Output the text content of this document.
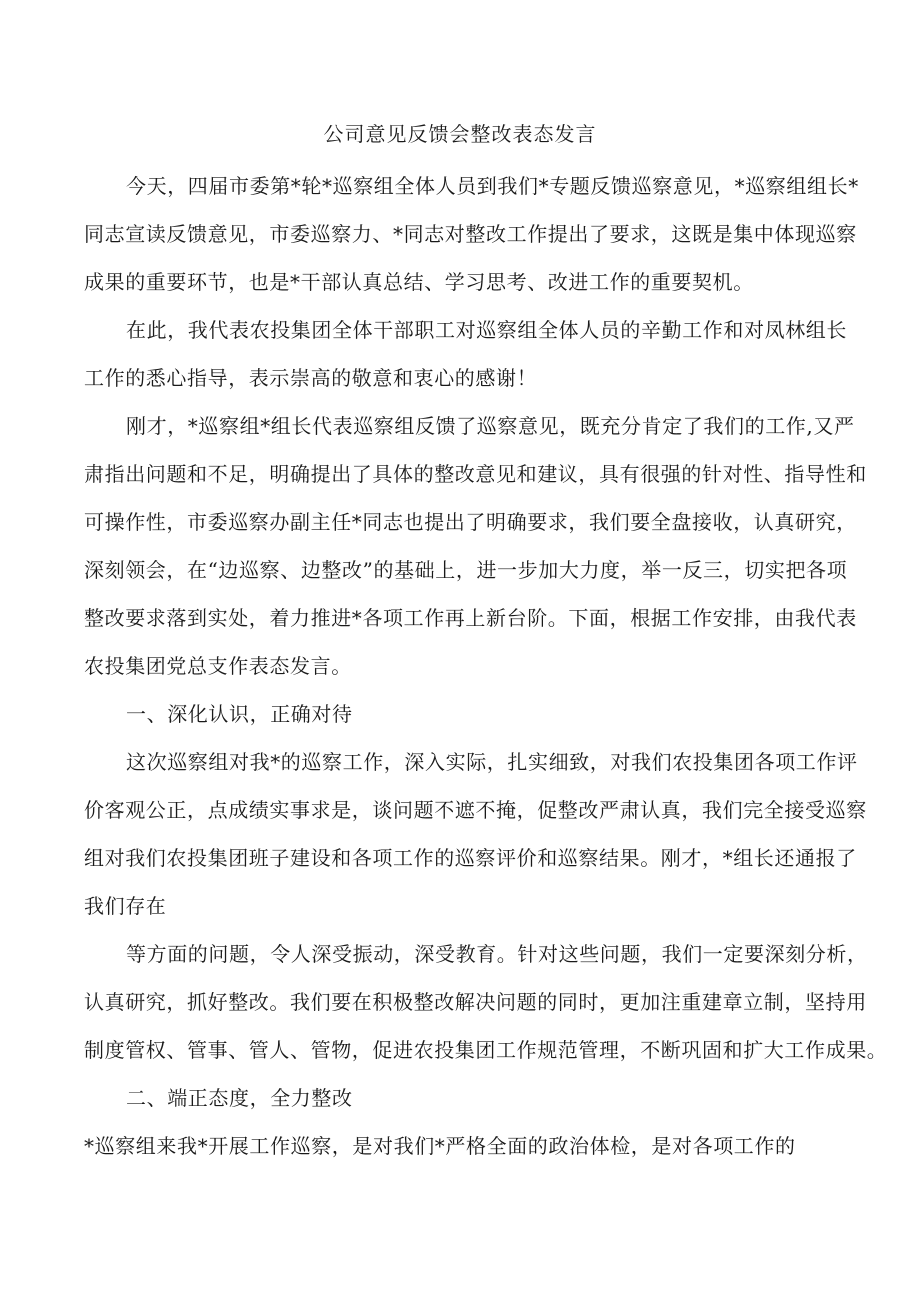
公司意见反馈会整改表态发言
今天，四届市委第*轮*巡察组全体人员到我们*专题反馈巡察意见，*巡察组组长*
同志宣读反馈意见，市委巡察力、*同志对整改工作提出了要求，这既是集中体现巡察
成果的重要环节，也是*干部认真总结、学习思考、改进工作的重要契机。
在此，我代表农投集团全体干部职工对巡察组全体人员的辛勤工作和对凤林组长
工作的悉心指导，表示崇高的敬意和衷心的感谢！
刚才，*巡察组*组长代表巡察组反馈了巡察意见，既充分肯定了我们的工作,又严
肃指出问题和不足，明确提出了具体的整改意见和建议，具有很强的针对性、指导性和
可操作性，市委巡察办副主任*同志也提出了明确要求，我们要全盘接收，认真研究，
深刻领会，在“边巡察、边整改”的基础上，进一步加大力度，举一反三，切实把各项
整改要求落到实处，着力推进*各项工作再上新台阶。下面，根据工作安排，由我代表
农投集团党总支作表态发言。
一、深化认识，正确对待
这次巡察组对我*的巡察工作，深入实际，扎实细致，对我们农投集团各项工作评
价客观公正，点成绩实事求是，谈问题不遮不掩，促整改严肃认真，我们完全接受巡察
组对我们农投集团班子建设和各项工作的巡察评价和巡察结果。刚才，*组长还通报了
我们存在
等方面的问题，令人深受振动，深受教育。针对这些问题，我们一定要深刻分析，
认真研究，抓好整改。我们要在积极整改解决问题的同时，更加注重建章立制，坚持用
制度管权、管事、管人、管物，促进农投集团工作规范管理，不断巩固和扩大工作成果。
二、端正态度，全力整改
*巡察组来我*开展工作巡察，是对我们*严格全面的政治体检，是对各项工作的
